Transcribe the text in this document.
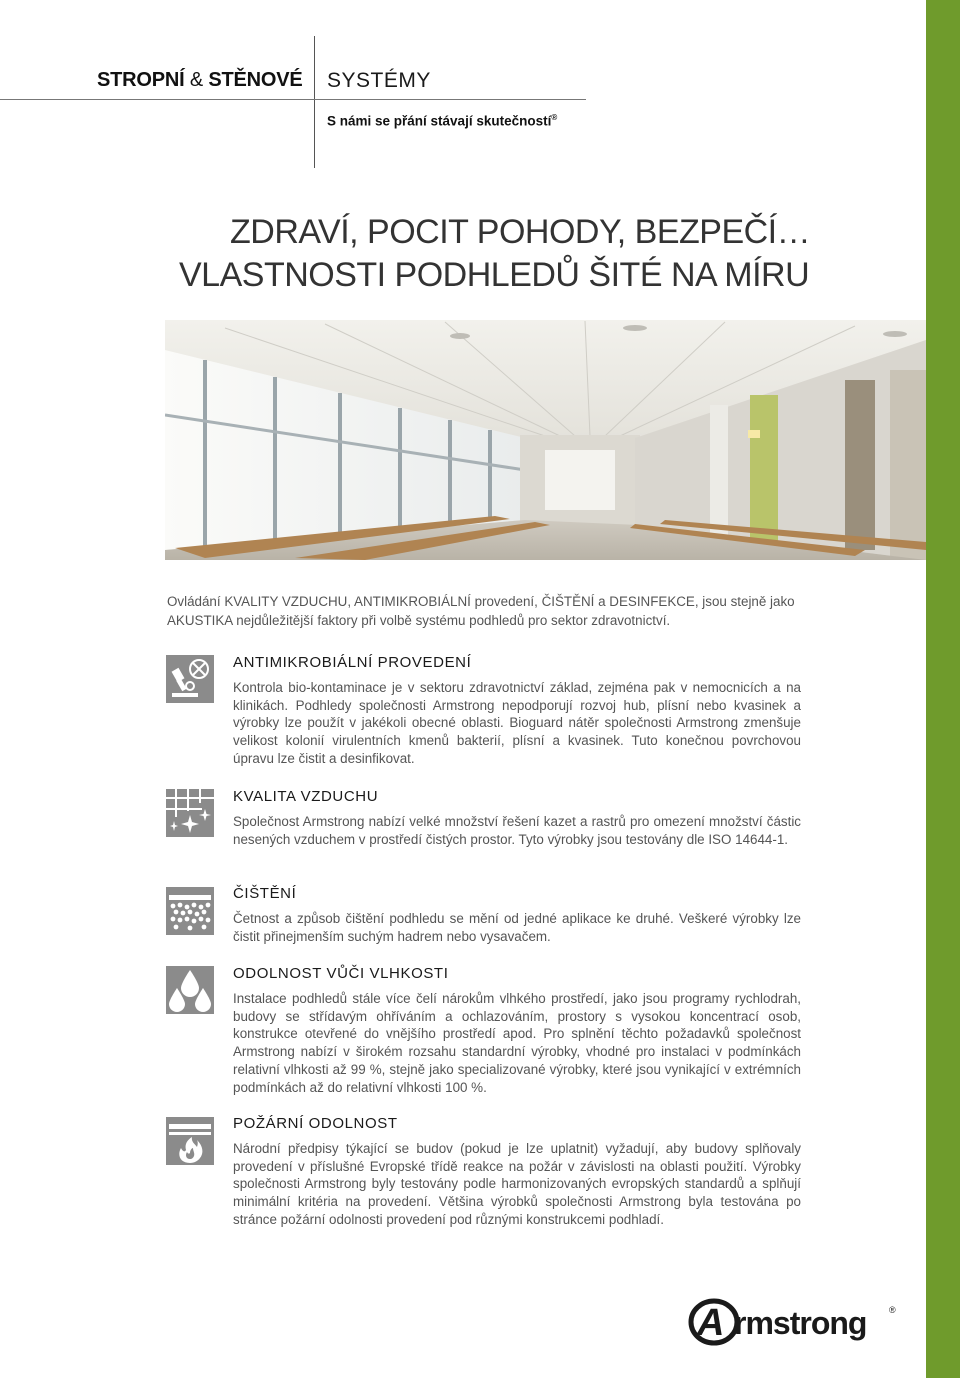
STROPNÍ & STĚNOVÉ SYSTÉMY
S námi se přání stávají skutečností®
ZDRAVÍ, POCIT POHODY, BEZPEČÍ…
VLASTNOSTI PODHLEDŮ ŠITÉ NA MÍRU

Ovládání KVALITY VZDUCHU, ANTIMIKROBIÁLNÍ provedení, ČIŠTĚNÍ a DESINFEKCE, jsou stejně jako AKUSTIKA nejdůležitější faktory při volbě systému podhledů pro sektor zdravotnictví.

ANTIMIKROBIÁLNÍ PROVEDENÍ

Kontrola bio-kontaminace je v sektoru zdravotnictví základ, zejména pak v nemocnicích a na klinikách. Podhledy společnosti Armstrong nepodporují rozvoj hub, plísní nebo kvasinek a výrobky lze použít v jakékoli obecné oblasti. Bioguard nátěr společnosti Armstrong zmenšuje velikost kolonií virulentních kmenů bakterií, plísní a kvasinek. Tuto konečnou povrchovou úpravu lze čistit a desinfikovat.

KVALITA VZDUCHU

Společnost Armstrong nabízí velké množství řešení kazet a rastrů pro omezení množství částic nesených vzduchem v prostředí čistých prostor. Tyto výrobky jsou testovány dle ISO 14644-1.

ČIŠTĚNÍ

Četnost a způsob čištění podhledu se mění od jedné aplikace ke druhé. Veškeré výrobky lze čistit přinejmenším suchým hadrem nebo vysavačem.

ODOLNOST VŮČI VLHKOSTI

Instalace podhledů stále více čelí nárokům vlhkého prostředí, jako jsou programy rychlodrah, budovy se střídavým ohříváním a ochlazováním, prostory s vysokou koncentrací osob, konstrukce otevřené do vnějšího prostředí apod. Pro splnění těchto požadavků společnost Armstrong nabízí v širokém rozsahu standardní výrobky, vhodné pro instalaci v podmínkách relativní vlhkosti až 99 %, stejně jako specializované výrobky, které jsou vynikající v extrémních podmínkách až do relativní vlhkosti 100 %.

POŽÁRNÍ ODOLNOST

Národní předpisy týkající se budov (pokud je lze uplatnit) vyžadují, aby budovy splňovaly provedení v příslušné Evropské třídě reakce na požár v závislosti na oblasti použití. Výrobky společnosti Armstrong byly testovány podle harmonizovaných evropských standardů a splňují minimální kritéria na provedení. Většina výrobků společnosti Armstrong byla testována po stránce požární odolnosti provedení pod různými konstrukcemi podhladí.

A rmstrong	®
